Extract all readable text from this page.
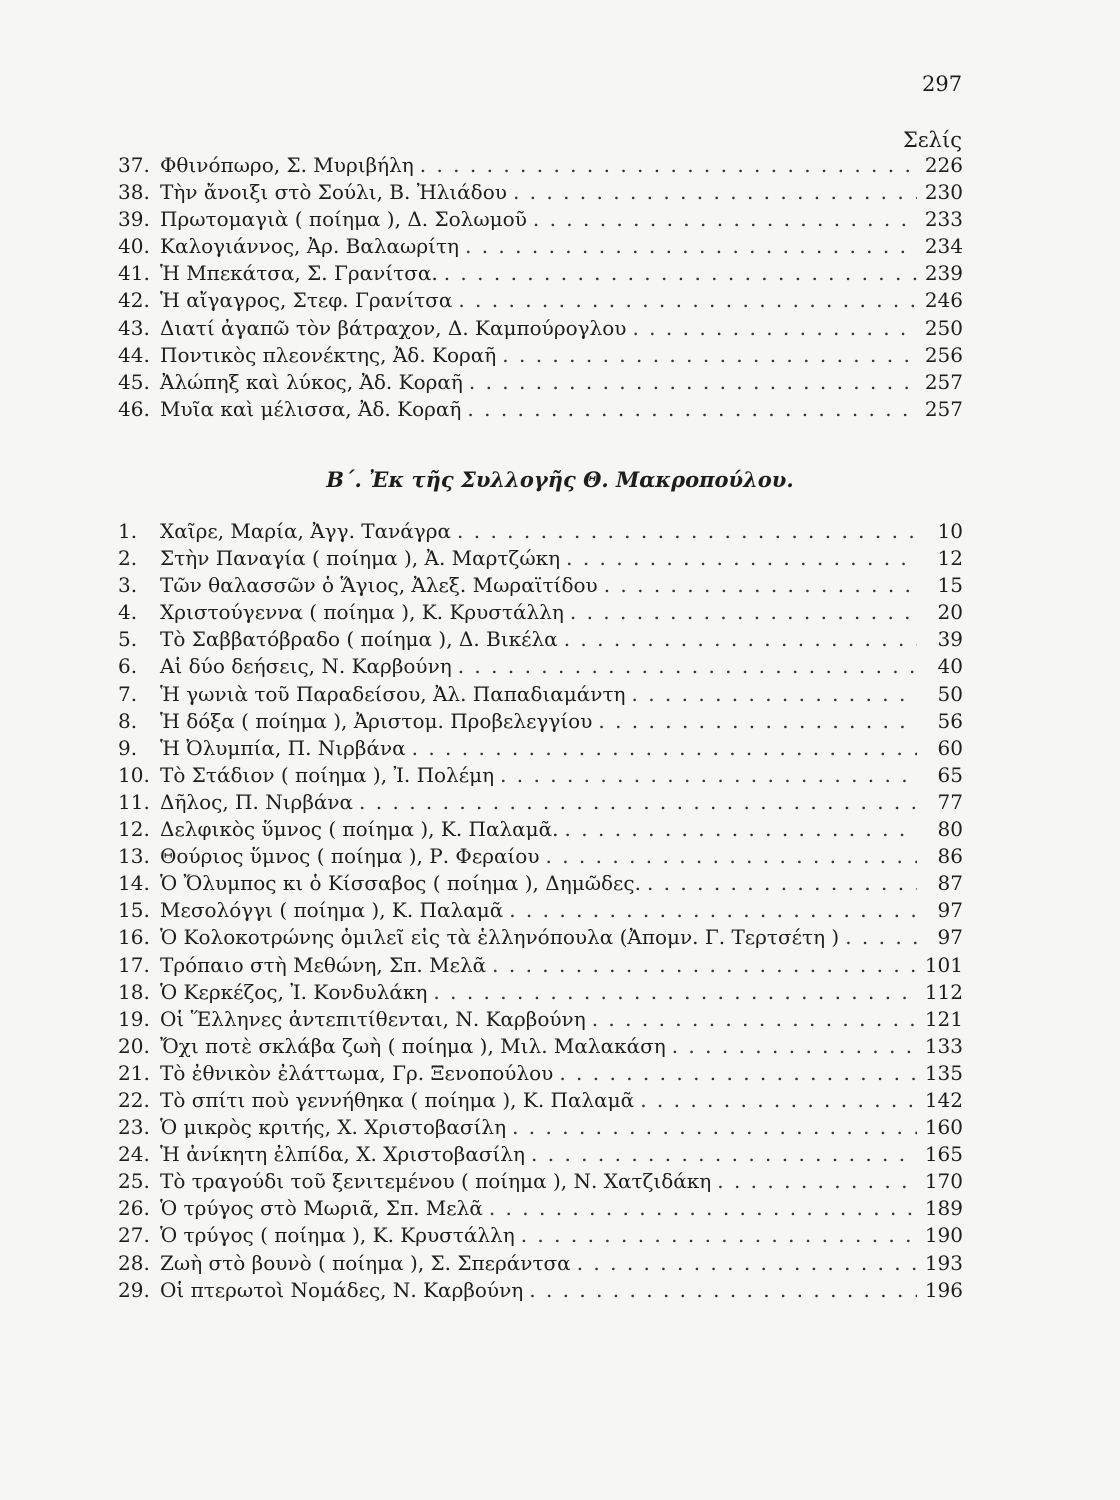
297
Σελίς
37. Φθινόπωρο, Σ. Μυριβήλη . . .	226
38. Τὴν ἄνοιξι στὸ Σούλι, Β. Ἠλιάδου . . .	230
39. Πρωτομαγιὰ ( ποίημα ), Δ. Σολωμοῦ . . .	233
40. Καλογιάννος, Ἀρ. Βαλαωρίτη . . .	234
41. Ἡ Μπεκάτσα, Σ. Γρανίτσα. . . .	239
42. Ἡ αἴγαγρος, Στεφ. Γρανίτσα . . .	246
43. Διατί ἀγαπῶ τὸν βάτραχον, Δ. Καμπούρογλου . . .	250
44. Ποντικὸς πλεονέκτης, Ἀδ. Κοραῆ . . .	256
45. Ἀλώπηξ καὶ λύκος, Ἀδ. Κοραῆ . . .	257
46. Μυῖα καὶ μέλισσα, Ἀδ. Κοραῆ . . .	257
Β΄. Ἐκ τῆς Συλλογῆς Θ. Μακροπούλου.
1.	Χαῖρε, Μαρία, Ἀγγ. Τανάγρα . . .	10
2.	Στὴν Παναγία ( ποίημα ), Ἀ. Μαρτζώκη . . .	12
3.	Τῶν θαλασσῶν ὁ Ἅγιος, Ἀλεξ. Μωραϊτίδου . . .	15
4.	Χριστούγεννα ( ποίημα ), Κ. Κρυστάλλη . . .	20
5.	Τὸ Σαββατόβραδο ( ποίημα ), Δ. Βικέλα . . .	39
6.	Αἱ δύο δεήσεις, Ν. Καρβούνη . . .	40
7.	Ἡ γωνιὰ τοῦ Παραδείσου, Ἀλ. Παπαδιαμάντη . . .	50
8.	Ἡ δόξα ( ποίημα ), Ἀριστομ. Προβελεγγίου . . .	56
9.	Ἡ Ὀλυμπία, Π. Νιρβάνα . . .	60
10. Τὸ Στάδιον ( ποίημα ), Ἰ. Πολέμη . . .	65
11. Δῆλος, Π. Νιρβάνα . . .	77
12. Δελφικὸς ὕμνος ( ποίημα ), Κ. Παλαμᾶ. . . .	80
13. Θούριος ὕμνος ( ποίημα ), Ρ. Φεραίου . . .	86
14. Ὁ Ὄλυμπος κι ὁ Κίσσαβος ( ποίημα ), Δημῶδες. . . .	87
15. Μεσολόγγι ( ποίημα ), Κ. Παλαμᾶ . . .	97
16. Ὁ Κολοκοτρώνης ὁμιλεῖ εἰς τὰ ἑλληνόπουλα (Ἀπομν. Γ. Τερτσέτη ) . . .	97
17. Τρόπαιο στὴ Μεθώνη, Σπ. Μελᾶ . . .	101
18. Ὁ Κερκέζος, Ἰ. Κονδυλάκη . . .	112
19. Οἱ Ἕλληνες ἀντεπιτίθενται, Ν. Καρβούνη . . .	121
20. Ὄχι ποτὲ σκλάβα ζωὴ ( ποίημα ), Μιλ. Μαλακάση . . .	133
21. Τὸ ἐθνικὸν ἐλάττωμα, Γρ. Ξενοπούλου . . .	135
22. Τὸ σπίτι ποὺ γεννήθηκα ( ποίημα ), Κ. Παλαμᾶ . . .	142
23. Ὁ μικρὸς κριτής, Χ. Χριστοβασίλη . . .	160
24. Ἡ ἀνίκητη ἐλπίδα, Χ. Χριστοβασίλη . . .	165
25. Τὸ τραγούδι τοῦ ξενιτεμένου ( ποίημα ), Ν. Χατζιδάκη . . .	170
26. Ὁ τρύγος στὸ Μωριᾶ, Σπ. Μελᾶ . . .	189
27. Ὁ τρύγος ( ποίημα ), Κ. Κρυστάλλη . . .	190
28. Ζωὴ στὸ βουνὸ ( ποίημα ), Σ. Σπεράντσα . . .	193
29. Οἱ πτερωτοὶ Νομάδες, Ν. Καρβούνη . . .	196
